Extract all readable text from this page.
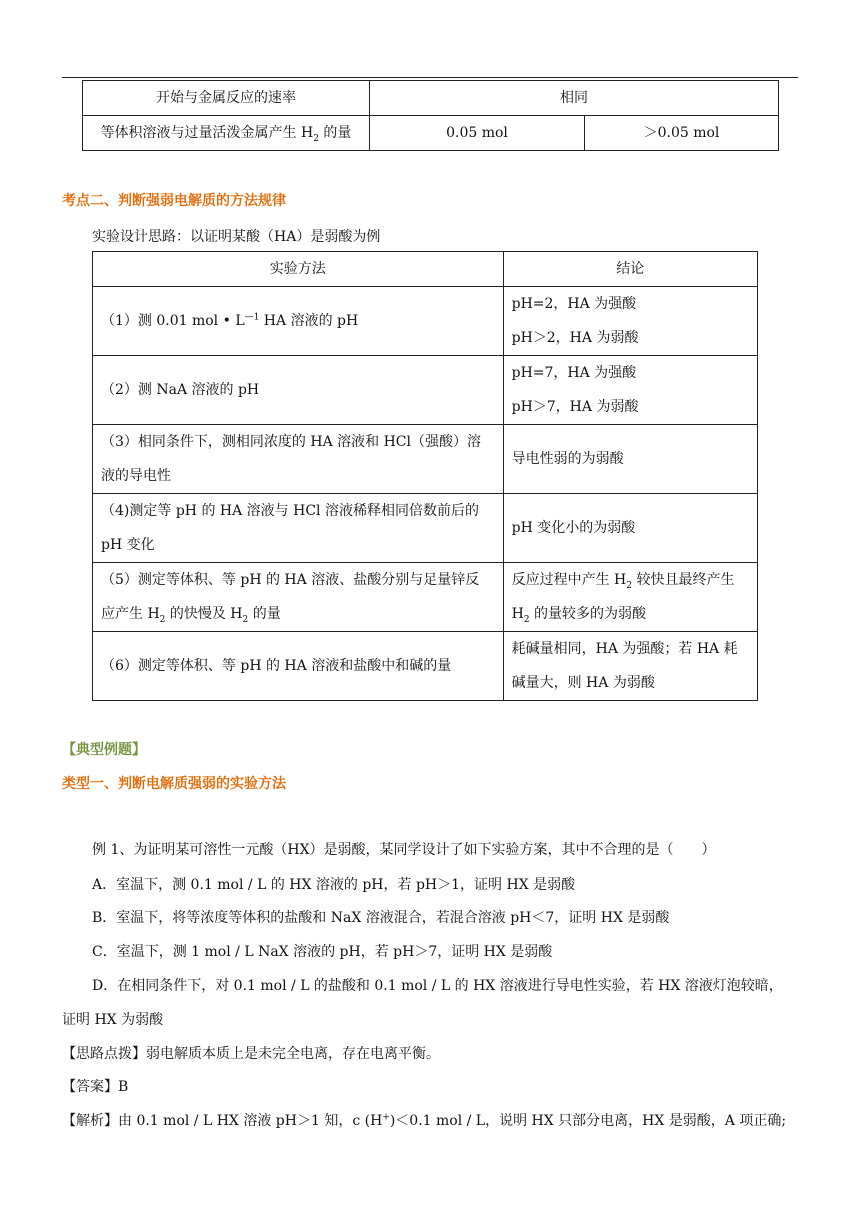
开始与金属反应的速率	相同	
等体积溶液与过量活泼金属产生 $H_2$ 的量	0.05 mol	＞0.05 mol
考点二、判断强弱电解质的方法规律
实验设计思路：以证明某酸（HA）是弱酸为例
实验方法	结论
（1）测 0.01 mol • $L^{—1}$ HA 溶液的 pH	pH=2，HA 为强酸
pH＞2，HA 为弱酸

（2）测 NaA 溶液的 pH	pH=7，HA 为强酸
pH＞7，HA 为弱酸

（3）相同条件下，测相同浓度的 HA 溶液和 HCl（强酸）溶
液的导电性	导电性弱的为弱酸

（4)测定等 pH 的 HA 溶液与 HCl 溶液稀释相同倍数前后的
pH 变化	pH 变化小的为弱酸

（5）测定等体积、等 pH 的 HA 溶液、盐酸分别与足量锌反
应产生 $H_2$ 的快慢及 $H_2$ 的量	反应过程中产生 $H_2$ 较快且最终产生
$H_2$ 的量较多的为弱酸

（6）测定等体积、等 pH 的 HA 溶液和盐酸中和碱的量	耗碱量相同，HA 为强酸；若 HA 耗
碱量大，则 HA 为弱酸
【典型例题】
类型一、判断电解质强弱的实验方法
例 1、为证明某可溶性一元酸（HX）是弱酸，某同学设计了如下实验方案，其中不合理的是（　　）
A．室温下，测 0.1 mol / L 的 HX 溶液的 pH，若 pH＞1，证明 HX 是弱酸
B．室温下，将等浓度等体积的盐酸和 NaX 溶液混合，若混合溶液 pH＜7，证明 HX 是弱酸
C．室温下，测 1 mol / L NaX 溶液的 pH，若 pH＞7，证明 HX 是弱酸
D．在相同条件下，对 0.1 mol / L 的盐酸和 0.1 mol / L 的 HX 溶液进行导电性实验，若 HX 溶液灯泡较暗，
证明 HX 为弱酸
【思路点拨】弱电解质本质上是未完全电离，存在电离平衡。
【答案】B
【解析】由 0.1 mol / L HX 溶液 pH＞1 知，c (H+)＜0.1 mol / L，说明 HX 只部分电离，HX 是弱酸，A 项正确;
